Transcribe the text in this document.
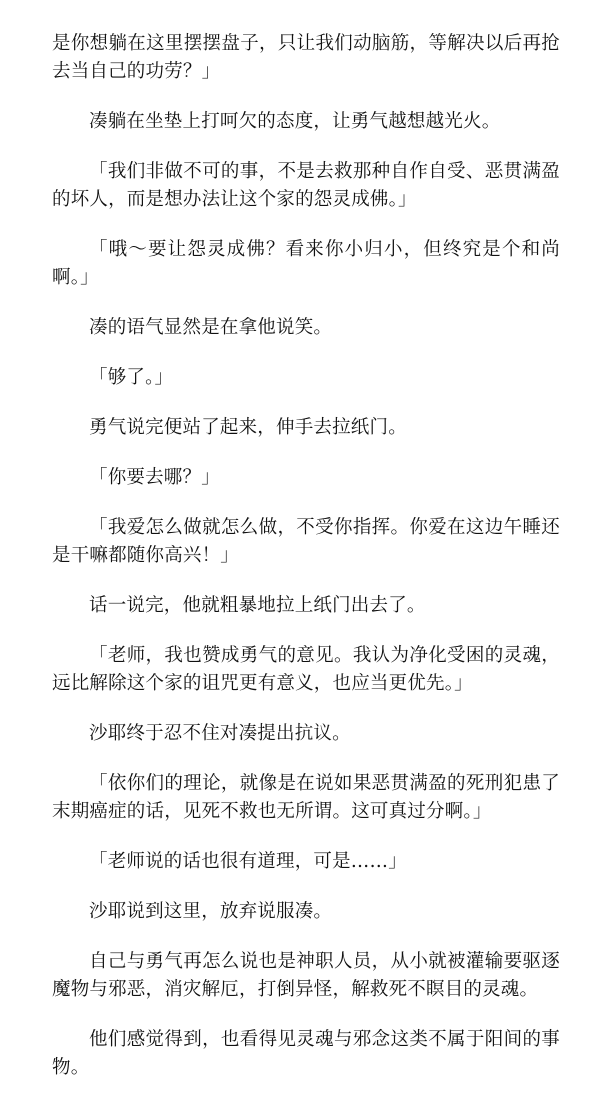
是你想躺在这里摆摆盘子，只让我们动脑筋，等解决以后再抢去当自己的功劳？」

凑躺在坐垫上打呵欠的态度，让勇气越想越光火。

「我们非做不可的事，不是去救那种自作自受、恶贯满盈的坏人，而是想办法让这个家的怨灵成佛。」

「哦～要让怨灵成佛？看来你小归小，但终究是个和尚啊。」

凑的语气显然是在拿他说笑。

「够了。」

勇气说完便站了起来，伸手去拉纸门。

「你要去哪？」

「我爱怎么做就怎么做，不受你指挥。你爱在这边午睡还是干嘛都随你高兴！」

话一说完，他就粗暴地拉上纸门出去了。

「老师，我也赞成勇气的意见。我认为净化受困的灵魂，远比解除这个家的诅咒更有意义，也应当更优先。」

沙耶终于忍不住对凑提出抗议。

「依你们的理论，就像是在说如果恶贯满盈的死刑犯患了末期癌症的话，见死不救也无所谓。这可真过分啊。」

「老师说的话也很有道理，可是……」

沙耶说到这里，放弃说服凑。

自己与勇气再怎么说也是神职人员，从小就被灌输要驱逐魔物与邪恶，消灾解厄，打倒异怪，解救死不瞑目的灵魂。

他们感觉得到，也看得见灵魂与邪念这类不属于阳间的事物。
